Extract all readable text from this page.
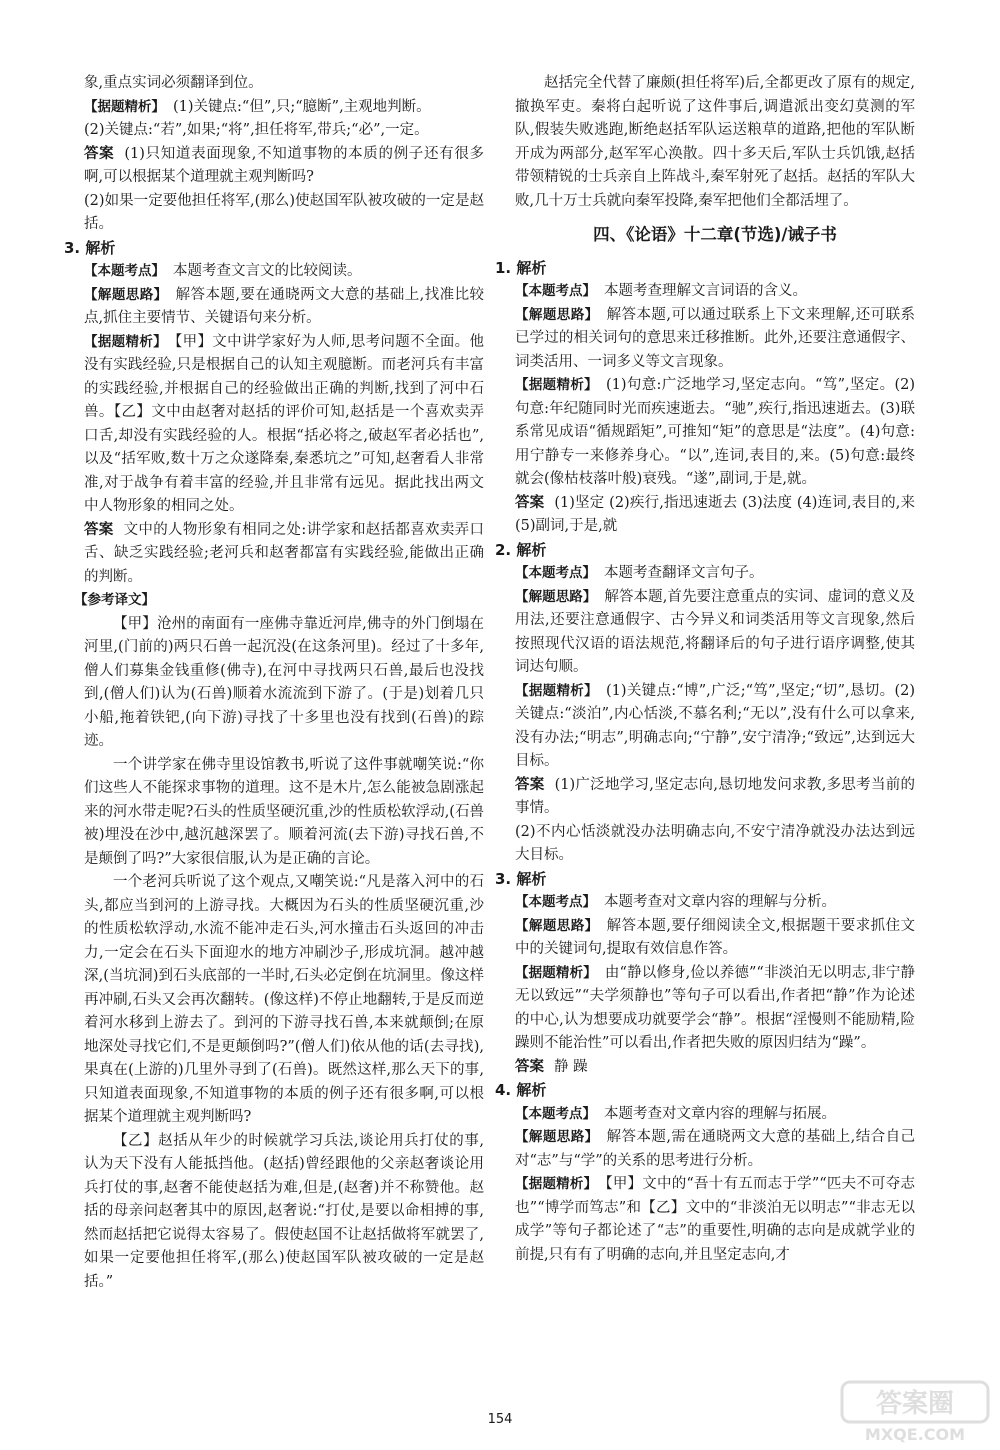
象,重点实词必须翻译到位。

【据题精析】 (1)关键点:“但”,只;“臆断”,主观地判断。

(2)关键点:“若”,如果;“将”,担任将军,带兵;“必”,一定。

答案 (1)只知道表面现象,不知道事物的本质的例子还有很多啊,可以根据某个道理就主观判断吗?

(2)如果一定要他担任将军,(那么)使赵国军队被攻破的一定是赵括。

3. 解析

【本题考点】 本题考查文言文的比较阅读。

【解题思路】 解答本题,要在通晓两文大意的基础上,找准比较点,抓住主要情节、关键语句来分析。

【据题精析】 【甲】文中讲学家好为人师,思考问题不全面。他没有实践经验,只是根据自己的认知主观臆断。而老河兵有丰富的实践经验,并根据自己的经验做出正确的判断,找到了河中石兽。【乙】文中由赵奢对赵括的评价可知,赵括是一个喜欢卖弄口舌,却没有实践经验的人。根据“括必将之,破赵军者必括也”,以及“括军败,数十万之众遂降秦,秦悉坑之”可知,赵奢看人非常准,对于战争有着丰富的经验,并且非常有远见。据此找出两文中人物形象的相同之处。

答案 文中的人物形象有相同之处:讲学家和赵括都喜欢卖弄口舌、缺乏实践经验;老河兵和赵奢都富有实践经验,能做出正确的判断。

【参考译文】

【甲】沧州的南面有一座佛寺靠近河岸,佛寺的外门倒塌在河里,(门前的)两只石兽一起沉没(在这条河里)。经过了十多年,僧人们募集金钱重修(佛寺),在河中寻找两只石兽,最后也没找到,(僧人们)认为(石兽)顺着水流流到下游了。(于是)划着几只小船,拖着铁钯,(向下游)寻找了十多里也没有找到(石兽)的踪迹。

一个讲学家在佛寺里设馆教书,听说了这件事就嘲笑说:“你们这些人不能探求事物的道理。这不是木片,怎么能被急剧涨起来的河水带走呢?石头的性质坚硬沉重,沙的性质松软浮动,(石兽被)埋没在沙中,越沉越深罢了。顺着河流(去下游)寻找石兽,不是颠倒了吗?”大家很信服,认为是正确的言论。

一个老河兵听说了这个观点,又嘲笑说:“凡是落入河中的石头,都应当到河的上游寻找。大概因为石头的性质坚硬沉重,沙的性质松软浮动,水流不能冲走石头,河水撞击石头返回的冲击力,一定会在石头下面迎水的地方冲刷沙子,形成坑洞。越冲越深,(当坑洞)到石头底部的一半时,石头必定倒在坑洞里。像这样再冲刷,石头又会再次翻转。(像这样)不停止地翻转,于是反而逆着河水移到上游去了。到河的下游寻找石兽,本来就颠倒;在原地深处寻找它们,不是更颠倒吗?”(僧人们)依从他的话(去寻找),果真在(上游的)几里外寻到了(石兽)。既然这样,那么天下的事,只知道表面现象,不知道事物的本质的例子还有很多啊,可以根据某个道理就主观判断吗?

【乙】赵括从年少的时候就学习兵法,谈论用兵打仗的事,认为天下没有人能抵挡他。(赵括)曾经跟他的父亲赵奢谈论用兵打仗的事,赵奢不能使赵括为难,但是,(赵奢)并不称赞他。赵括的母亲问赵奢其中的原因,赵奢说:“打仗,是要以命相搏的事,然而赵括把它说得太容易了。假使赵国不让赵括做将军就罢了,如果一定要他担任将军,(那么)使赵国军队被攻破的一定是赵括。”

赵括完全代替了廉颇(担任将军)后,全都更改了原有的规定,撤换军吏。秦将白起听说了这件事后,调遣派出变幻莫测的军队,假装失败逃跑,断绝赵括军队运送粮草的道路,把他的军队断开成为两部分,赵军军心涣散。四十多天后,军队士兵饥饿,赵括带领精锐的士兵亲自上阵战斗,秦军射死了赵括。赵括的军队大败,几十万士兵就向秦军投降,秦军把他们全都活埋了。

四、《论语》十二章(节选)/诫子书

1. 解析

【本题考点】 本题考查理解文言词语的含义。

【解题思路】 解答本题,可以通过联系上下文来理解,还可联系已学过的相关词句的意思来迁移推断。此外,还要注意通假字、词类活用、一词多义等文言现象。

【据题精析】 (1)句意:广泛地学习,坚定志向。“笃”,坚定。(2)句意:年纪随同时光而疾速逝去。“驰”,疾行,指迅速逝去。(3)联系常见成语“循规蹈矩”,可推知“矩”的意思是“法度”。(4)句意:用宁静专一来修养身心。“以”,连词,表目的,来。(5)句意:最终就会(像枯枝落叶般)衰残。“遂”,副词,于是,就。

答案 (1)坚定 (2)疾行,指迅速逝去 (3)法度 (4)连词,表目的,来 (5)副词,于是,就

2. 解析

【本题考点】 本题考查翻译文言句子。

【解题思路】 解答本题,首先要注意重点的实词、虚词的意义及用法,还要注意通假字、古今异义和词类活用等文言现象,然后按照现代汉语的语法规范,将翻译后的句子进行语序调整,使其词达句顺。

【据题精析】 (1)关键点:“博”,广泛;“笃”,坚定;“切”,恳切。(2)关键点:“淡泊”,内心恬淡,不慕名利;“无以”,没有什么可以拿来,没有办法;“明志”,明确志向;“宁静”,安宁清净;“致远”,达到远大目标。

答案 (1)广泛地学习,坚定志向,恳切地发问求教,多思考当前的事情。

(2)不内心恬淡就没办法明确志向,不安宁清净就没办法达到远大目标。

3. 解析

【本题考点】 本题考查对文章内容的理解与分析。

【解题思路】 解答本题,要仔细阅读全文,根据题干要求抓住文中的关键词句,提取有效信息作答。

【据题精析】 由“静以修身,俭以养德”“非淡泊无以明志,非宁静无以致远”“夫学须静也”等句子可以看出,作者把“静”作为论述的中心,认为想要成功就要学会“静”。根据“淫慢则不能励精,险躁则不能治性”可以看出,作者把失败的原因归结为“躁”。

答案 静 躁

4. 解析

【本题考点】 本题考查对文章内容的理解与拓展。

【解题思路】 解答本题,需在通晓两文大意的基础上,结合自己对“志”与“学”的关系的思考进行分析。

【据题精析】 【甲】文中的“吾十有五而志于学”“匹夫不可夺志也”“博学而笃志”和【乙】文中的“非淡泊无以明志”“非志无以成学”等句子都论述了“志”的重要性,明确的志向是成就学业的前提,只有有了明确的志向,并且坚定志向,才

154
答案圈
MXQE.COM
